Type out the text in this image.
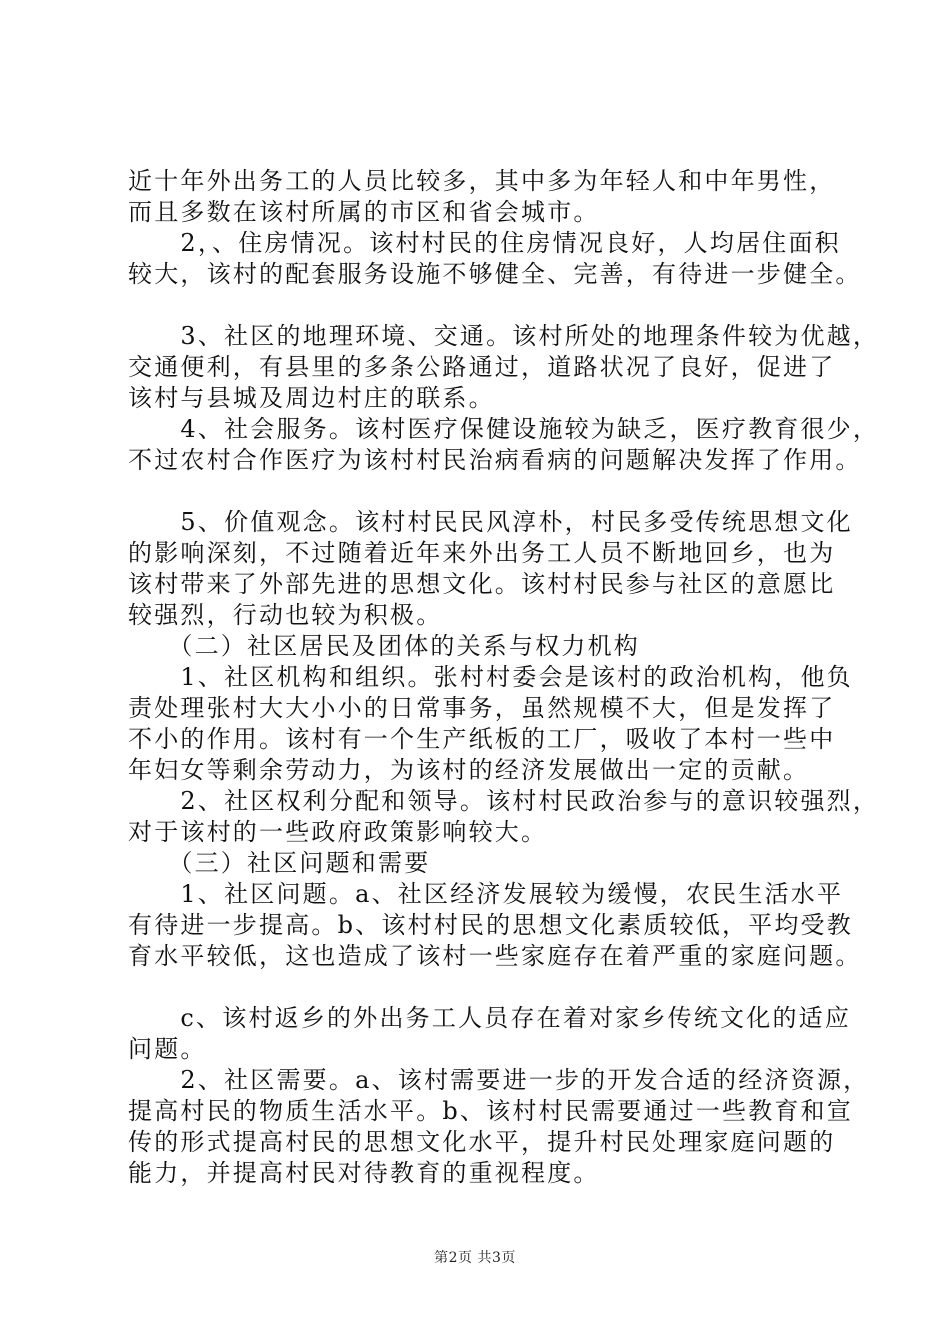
近十年外出务工的人员比较多，其中多为年轻人和中年男性，
而且多数在该村所属的市区和省会城市。
　　2，、住房情况。该村村民的住房情况良好，人均居住面积
较大，该村的配套服务设施不够健全、完善，有待进一步健全。
　　3、社区的地理环境、交通。该村所处的地理条件较为优越，
交通便利，有县里的多条公路通过，道路状况了良好，促进了
该村与县城及周边村庄的联系。
　　4、社会服务。该村医疗保健设施较为缺乏，医疗教育很少，
不过农村合作医疗为该村村民治病看病的问题解决发挥了作用。
　　5、价值观念。该村村民民风淳朴，村民多受传统思想文化
的影响深刻，不过随着近年来外出务工人员不断地回乡，也为
该村带来了外部先进的思想文化。该村村民参与社区的意愿比
较强烈，行动也较为积极。
　　（二）社区居民及团体的关系与权力机构
　　1、社区机构和组织。张村村委会是该村的政治机构，他负
责处理张村大大小小的日常事务，虽然规模不大，但是发挥了
不小的作用。该村有一个生产纸板的工厂，吸收了本村一些中
年妇女等剩余劳动力，为该村的经济发展做出一定的贡献。
　　2、社区权利分配和领导。该村村民政治参与的意识较强烈，
对于该村的一些政府政策影响较大。
　　（三）社区问题和需要
　　1、社区问题。a、社区经济发展较为缓慢，农民生活水平
有待进一步提高。b、该村村民的思想文化素质较低，平均受教
育水平较低，这也造成了该村一些家庭存在着严重的家庭问题。
　　c、该村返乡的外出务工人员存在着对家乡传统文化的适应
问题。
　　2、社区需要。a、该村需要进一步的开发合适的经济资源，
提高村民的物质生活水平。b、该村村民需要通过一些教育和宣
传的形式提高村民的思想文化水平，提升村民处理家庭问题的
能力，并提高村民对待教育的重视程度。
第2页 共3页
